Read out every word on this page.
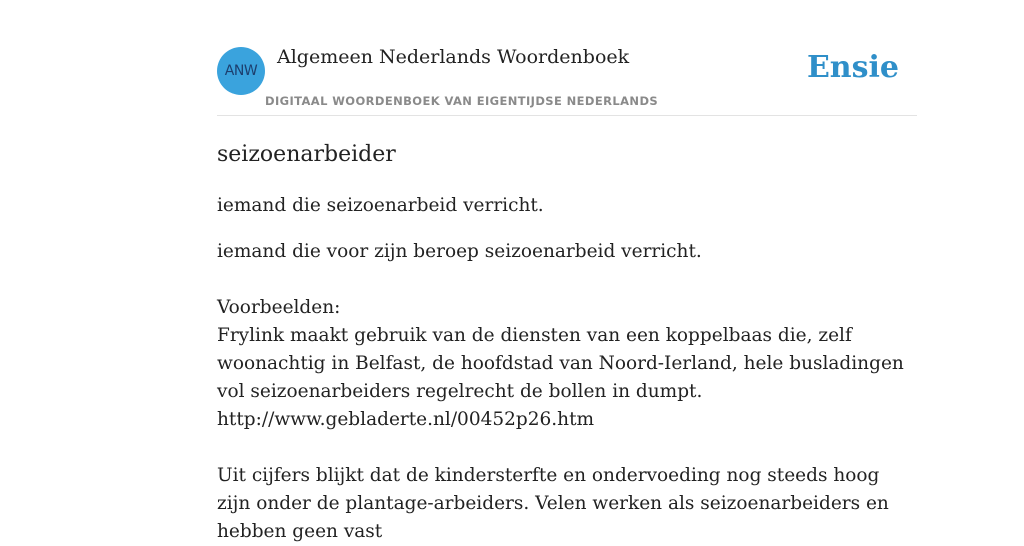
ANW
Algemeen Nederlands Woordenboek
DIGITAAL WOORDENBOEK VAN EIGENTIJDSE NEDERLANDS
Ensie
seizoenarbeider

iemand die seizoenarbeid verricht.

iemand die voor zijn beroep seizoenarbeid verricht.

Voorbeelden:
Frylink maakt gebruik van de diensten van een koppelbaas die, zelf woonachtig in Belfast, de hoofdstad van Noord-Ierland, hele busladingen vol seizoenarbeiders regelrecht de bollen in dumpt.
http://www.gebladerte.nl/00452p26.htm
Uit cijfers blijkt dat de kindersterfte en ondervoeding nog steeds hoog zijn onder de plantage-arbeiders. Velen werken als seizoenarbeiders en hebben geen vast
